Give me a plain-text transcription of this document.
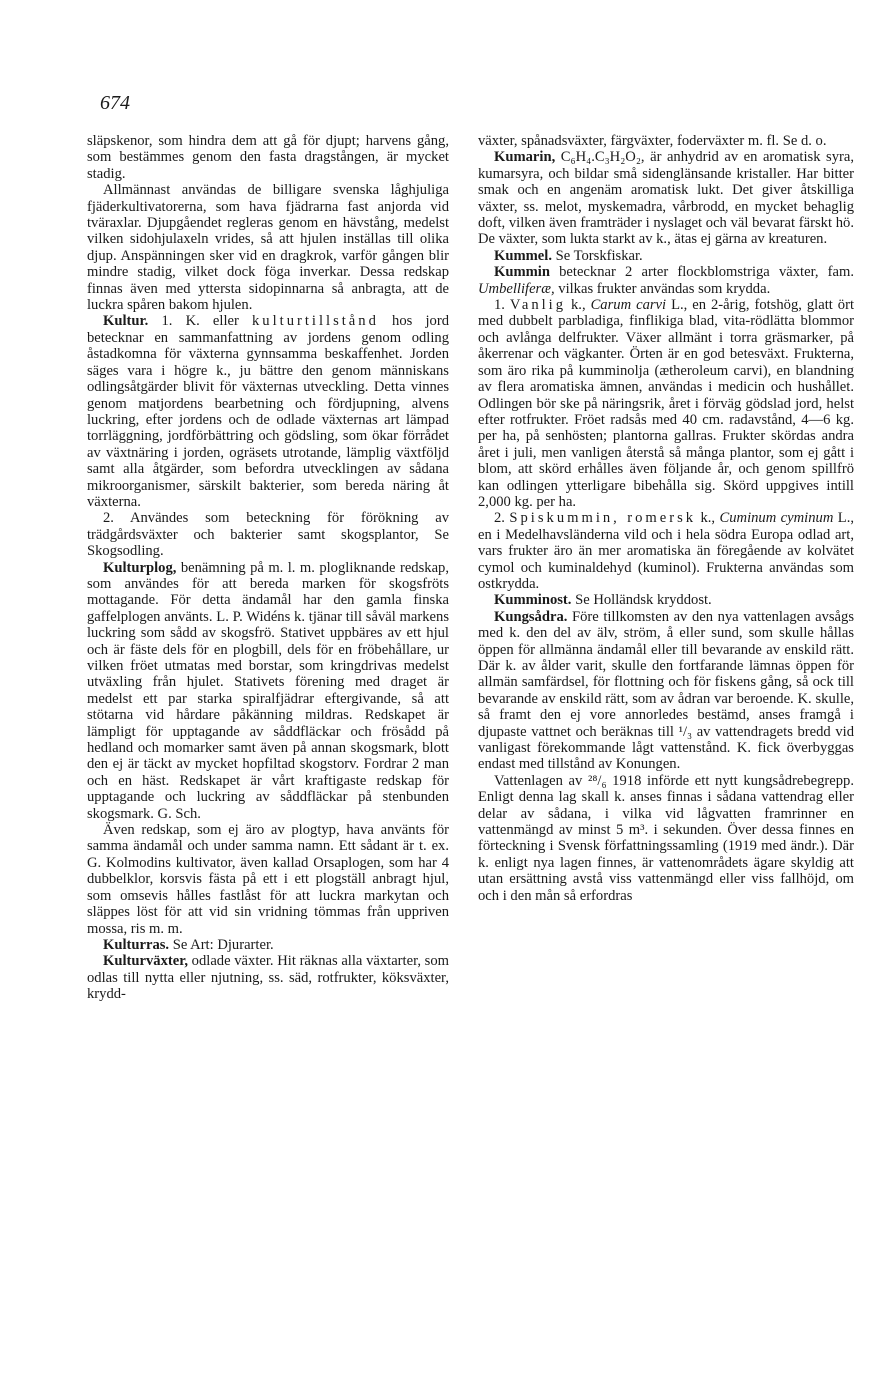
674

släpskenor, som hindra dem att gå för djupt; harvens gång, som bestämmes genom den fasta dragstången, är mycket stadig.

Allmännast användas de billigare svenska låghjuliga fjäderkultivatorerna, som hava fjädrarna fast anjorda vid tväraxlar. Djupgåendet regleras genom en hävstång, medelst vilken sidohjulaxeln vrides, så att hjulen inställas till olika djup. Anspänningen sker vid en dragkrok, varför gången blir mindre stadig, vilket dock föga inverkar. Dessa redskap finnas även med yttersta sidopinnarna så anbragta, att de luckra spåren bakom hjulen.

Kultur. 1. K. eller kulturtillstånd hos jord betecknar en sammanfattning av jordens genom odling åstadkomna för växterna gynnsamma beskaffenhet. Jorden säges vara i högre k., ju bättre den genom människans odlingsåtgärder blivit för växternas utveckling. Detta vinnes genom matjordens bearbetning och fördjupning, alvens luckring, efter jordens och de odlade växternas art lämpad torrläggning, jordförbättring och gödsling, som ökar förrådet av växtnäring i jorden, ogräsets utrotande, lämplig växtföljd samt alla åtgärder, som befordra utvecklingen av sådana mikroorganismer, särskilt bakterier, som bereda näring åt växterna.

2. Användes som beteckning för förökning av trädgårdsväxter och bakterier samt skogsplantor, Se Skogsodling.

Kulturplog, benämning på m. l. m. plogliknande redskap, som användes för att bereda marken för skogsfröts mottagande. För detta ändamål har den gamla finska gaffelplogen använts. L. P. Widéns k. tjänar till såväl markens luckring som sådd av skogsfrö. Stativet uppbäres av ett hjul och är fäste dels för en plogbill, dels för en fröbehållare, ur vilken fröet utmatas med borstar, som kringdrivas medelst utväxling från hjulet. Stativets förening med draget är medelst ett par starka spiralfjädrar eftergivande, så att stötarna vid hårdare påkänning mildras. Redskapet är lämpligt för upptagande av såddfläckar och frösådd på hedland och momarker samt även på annan skogsmark, blott den ej är täckt av mycket hopfiltad skogstorv. Fordrar 2 man och en häst. Redskapet är vårt kraftigaste redskap för upptagande och luckring av såddfläckar på stenbunden skogsmark. G. Sch.

Även redskap, som ej äro av plogtyp, hava använts för samma ändamål och under samma namn. Ett sådant är t. ex. G. Kolmodins kultivator, även kallad Orsaplogen, som har 4 dubbelklor, korsvis fästa på ett i ett plogställ anbragt hjul, som omsevis hålles fastlåst för att luckra markytan och släppes löst för att vid sin vridning tömmas från uppriven mossa, ris m. m.

Kulturras. Se Art: Djurarter.

Kulturväxter, odlade växter. Hit räknas alla växtarter, som odlas till nytta eller njutning, ss. säd, rotfrukter, köksväxter, krydd-

växter, spånadsväxter, färgväxter, foderväxter m. fl. Se d. o.

Kumarin, C₆H₄.C₃H₂O₂, är anhydrid av en aromatisk syra, kumarsyra, och bildar små sidenglänsande kristaller. Har bitter smak och en angenäm aromatisk lukt. Det giver åtskilliga växter, ss. melot, myskemadra, vårbrodd, en mycket behaglig doft, vilken även framträder i nyslaget och väl bevarat färskt hö. De växter, som lukta starkt av k., ätas ej gärna av kreaturen.

Kummel. Se Torskfiskar.

Kummin betecknar 2 arter flockblomstriga växter, fam. Umbelliferæ, vilkas frukter användas som krydda.

1. Vanlig k., Carum carvi L., en 2-årig, fotshög, glatt ört med dubbelt parbladiga, finflikiga blad, vita-rödlätta blommor och avlånga delfrukter. Växer allmänt i torra gräsmarker, på åkerrenar och vägkanter. Örten är en god betesväxt. Frukterna, som äro rika på kumminolja (ætheroleum carvi), en blandning av flera aromatiska ämnen, användas i medicin och hushållet. Odlingen bör ske på näringsrik, året i förväg gödslad jord, helst efter rotfrukter. Fröet radsås med 40 cm. radavstånd, 4—6 kg. per ha, på senhösten; plantorna gallras. Frukter skördas andra året i juli, men vanligen återstå så många plantor, som ej gått i blom, att skörd erhålles även följande år, och genom spillfrö kan odlingen ytterligare bibehålla sig. Skörd uppgives intill 2,000 kg. per ha.

2. Spiskummin, romersk k., Cuminum cyminum L., en i Medelhavsländerna vild och i hela södra Europa odlad art, vars frukter äro än mer aromatiska än föregående av kolvätet cymol och kuminaldehyd (kuminol). Frukterna användas som ostkrydda.

Kumminost. Se Holländsk kryddost.

Kungsådra. Före tillkomsten av den nya vattenlagen avsågs med k. den del av älv, ström, å eller sund, som skulle hållas öppen för allmänna ändamål eller till bevarande av enskild rätt. Där k. av ålder varit, skulle den fortfarande lämnas öppen för allmän samfärdsel, för flottning och för fiskens gång, så ock till bevarande av enskild rätt, som av ådran var beroende. K. skulle, så framt den ej vore annorledes bestämd, anses framgå i djupaste vattnet och beräknas till ¹/₃ av vattendragets bredd vid vanligast förekommande lågt vattenstånd. K. fick överbyggas endast med tillstånd av Konungen.

Vattenlagen av ²⁸/₆ 1918 införde ett nytt kungsådrebegrepp. Enligt denna lag skall k. anses finnas i sådana vattendrag eller delar av sådana, i vilka vid lågvatten framrinner en vattenmängd av minst 5 m³. i sekunden. Över dessa finnes en förteckning i Svensk författningssamling (1919 med ändr.). Där k. enligt nya lagen finnes, är vattenområdets ägare skyldig att utan ersättning avstå viss vattenmängd eller viss fallhöjd, om och i den mån så erfordras
